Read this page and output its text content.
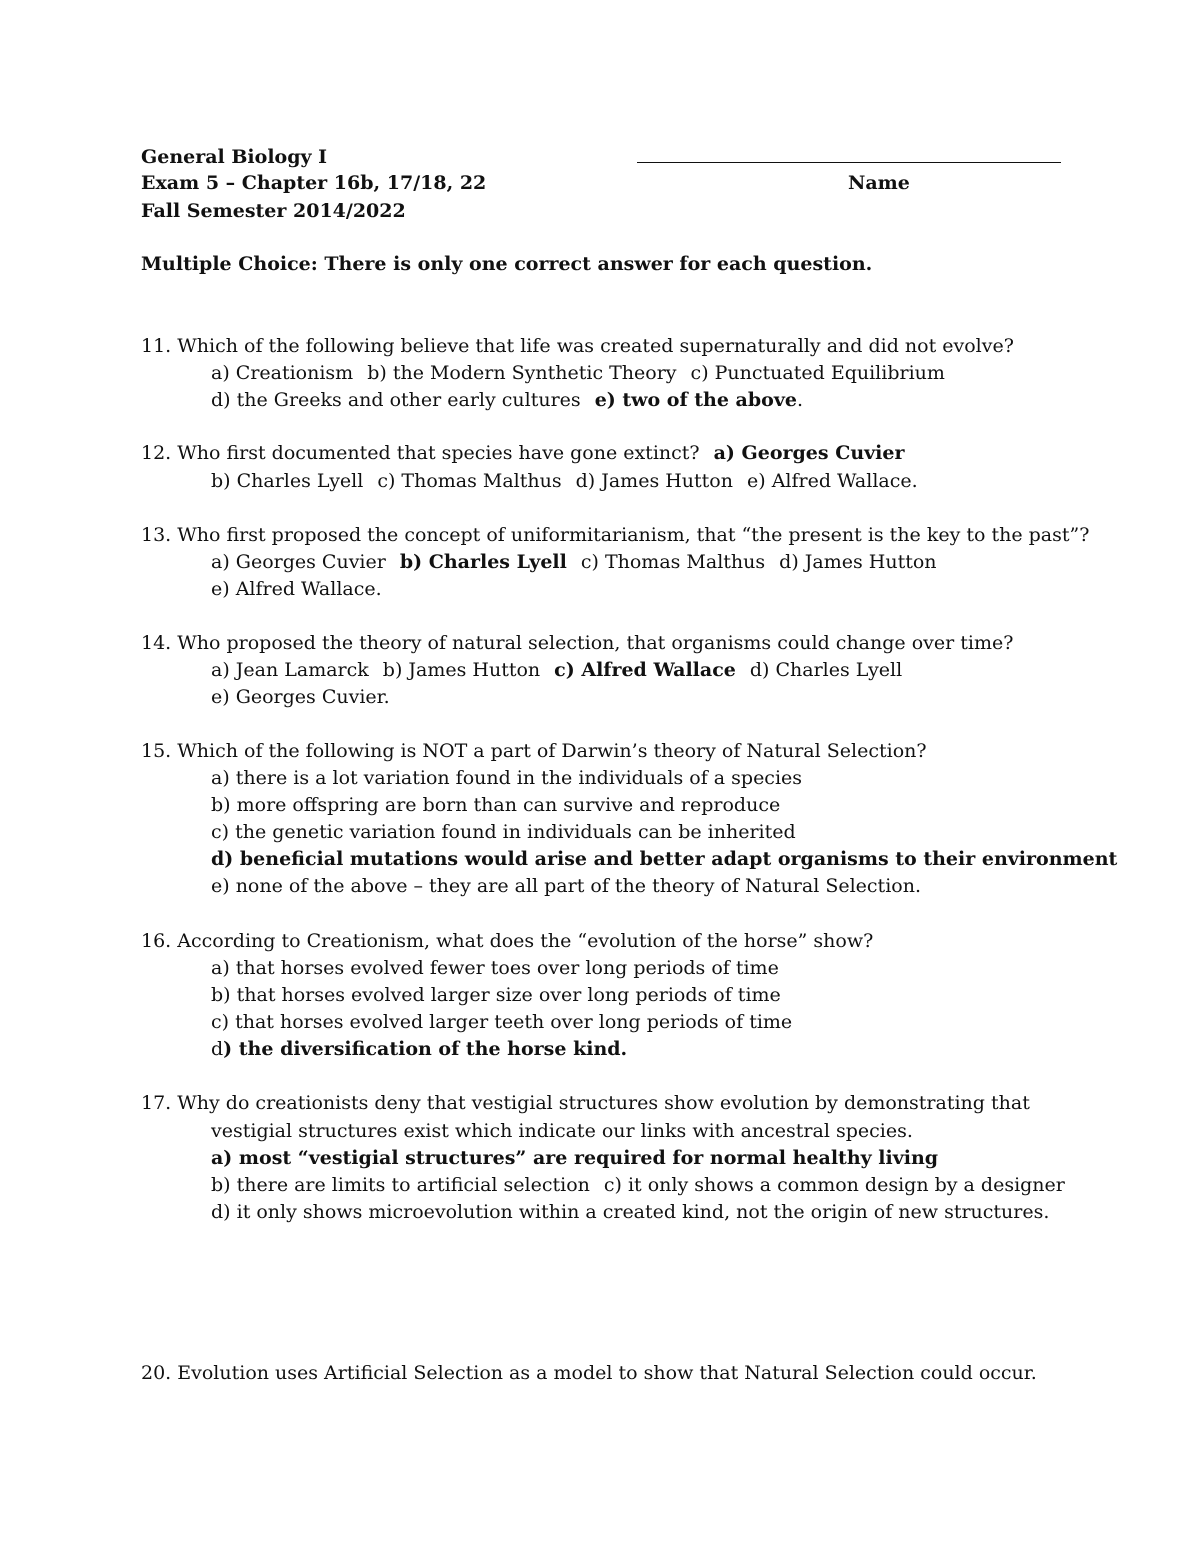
General Biology I
Exam 5 – Chapter 16b, 17/18, 22	Name
Fall Semester 2014/2022
Multiple Choice: There is only one correct answer for each question.
11. Which of the following believe that life was created supernaturally and did not evolve?
a) Creationism b) the Modern Synthetic Theory c) Punctuated Equilibrium
d) the Greeks and other early cultures e) two of the above.
12. Who first documented that species have gone extinct? a) Georges Cuvier
b) Charles Lyell c) Thomas Malthus d) James Hutton e) Alfred Wallace.
13. Who first proposed the concept of uniformitarianism, that “the present is the key to the past”?
a) Georges Cuvier b) Charles Lyell c) Thomas Malthus d) James Hutton
e) Alfred Wallace.
14. Who proposed the theory of natural selection, that organisms could change over time?
a) Jean Lamarck b) James Hutton c) Alfred Wallace d) Charles Lyell
e) Georges Cuvier.
15. Which of the following is NOT a part of Darwin’s theory of Natural Selection?
a) there is a lot variation found in the individuals of a species
b) more offspring are born than can survive and reproduce
c) the genetic variation found in individuals can be inherited
d) beneficial mutations would arise and better adapt organisms to their environment
e) none of the above – they are all part of the theory of Natural Selection.
16. According to Creationism, what does the “evolution of the horse” show?
a) that horses evolved fewer toes over long periods of time
b) that horses evolved larger size over long periods of time
c) that horses evolved larger teeth over long periods of time
d) the diversification of the horse kind.
17. Why do creationists deny that vestigial structures show evolution by demonstrating that
vestigial structures exist which indicate our links with ancestral species.
a) most “vestigial structures” are required for normal healthy living
b) there are limits to artificial selection c) it only shows a common design by a designer
d) it only shows microevolution within a created kind, not the origin of new structures.
20. Evolution uses Artificial Selection as a model to show that Natural Selection could occur.
